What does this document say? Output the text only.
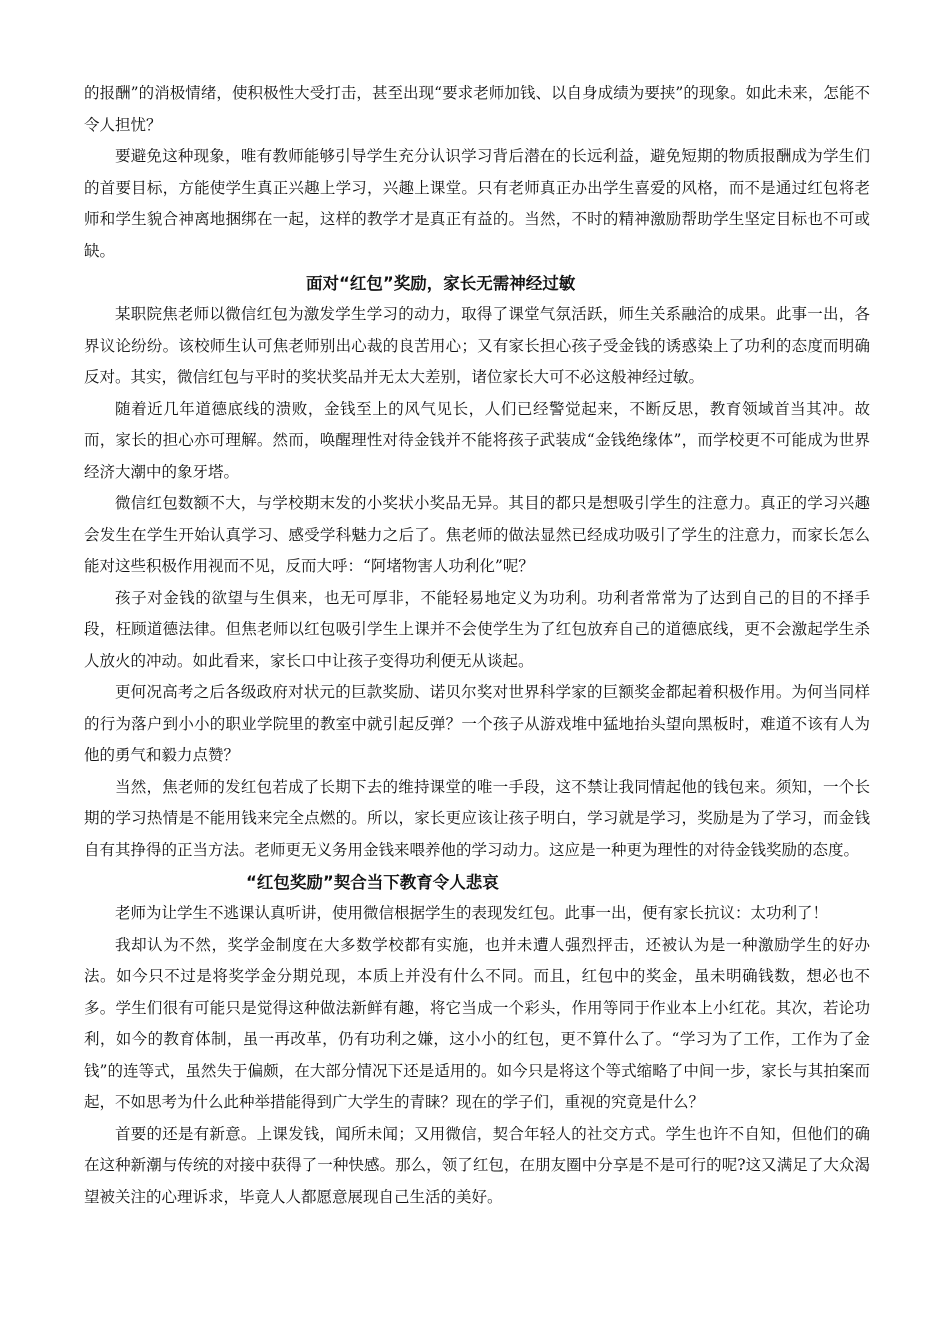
的报酬”的消极情绪，使积极性大受打击，甚至出现“要求老师加钱、以自身成绩为要挟”的现象。如此未来，怎能不令人担忧？

要避免这种现象，唯有教师能够引导学生充分认识学习背后潜在的长远利益，避免短期的物质报酬成为学生们的首要目标，方能使学生真正兴趣上学习，兴趣上课堂。只有老师真正办出学生喜爱的风格，而不是通过红包将老师和学生貌合神离地捆绑在一起，这样的教学才是真正有益的。当然，不时的精神激励帮助学生坚定目标也不可或缺。

面对“红包”奖励，家长无需神经过敏

某职院焦老师以微信红包为激发学生学习的动力，取得了课堂气氛活跃，师生关系融洽的成果。此事一出，各界议论纷纷。该校师生认可焦老师别出心裁的良苦用心；又有家长担心孩子受金钱的诱惑染上了功利的态度而明确反对。其实，微信红包与平时的奖状奖品并无太大差别，诸位家长大可不必这般神经过敏。

随着近几年道德底线的溃败，金钱至上的风气见长，人们已经警觉起来，不断反思，教育领域首当其冲。故而，家长的担心亦可理解。然而，唤醒理性对待金钱并不能将孩子武装成“金钱绝缘体”，而学校更不可能成为世界经济大潮中的象牙塔。

微信红包数额不大，与学校期末发的小奖状小奖品无异。其目的都只是想吸引学生的注意力。真正的学习兴趣会发生在学生开始认真学习、感受学科魅力之后了。焦老师的做法显然已经成功吸引了学生的注意力，而家长怎么能对这些积极作用视而不见，反而大呼：“阿堵物害人功利化”呢？

孩子对金钱的欲望与生俱来，也无可厚非，不能轻易地定义为功利。功利者常常为了达到自己的目的不择手段，枉顾道德法律。但焦老师以红包吸引学生上课并不会使学生为了红包放弃自己的道德底线，更不会激起学生杀人放火的冲动。如此看来，家长口中让孩子变得功利便无从谈起。

更何况高考之后各级政府对状元的巨款奖励、诺贝尔奖对世界科学家的巨额奖金都起着积极作用。为何当同样的行为落户到小小的职业学院里的教室中就引起反弹？一个孩子从游戏堆中猛地抬头望向黑板时，难道不该有人为他的勇气和毅力点赞？

当然，焦老师的发红包若成了长期下去的维持课堂的唯一手段，这不禁让我同情起他的钱包来。须知，一个长期的学习热情是不能用钱来完全点燃的。所以，家长更应该让孩子明白，学习就是学习，奖励是为了学习，而金钱自有其挣得的正当方法。老师更无义务用金钱来喂养他的学习动力。这应是一种更为理性的对待金钱奖励的态度。

“红包奖励”契合当下教育令人悲哀

老师为让学生不逃课认真听讲，使用微信根据学生的表现发红包。此事一出，便有家长抗议：太功利了！

我却认为不然，奖学金制度在大多数学校都有实施，也并未遭人强烈抨击，还被认为是一种激励学生的好办法。如今只不过是将奖学金分期兑现，本质上并没有什么不同。而且，红包中的奖金，虽未明确钱数，想必也不多。学生们很有可能只是觉得这种做法新鲜有趣，将它当成一个彩头，作用等同于作业本上小红花。其次，若论功利，如今的教育体制，虽一再改革，仍有功利之嫌，这小小的红包，更不算什么了。“学习为了工作，工作为了金钱”的连等式，虽然失于偏颇，在大部分情况下还是适用的。如今只是将这个等式缩略了中间一步，家长与其拍案而起，不如思考为什么此种举措能得到广大学生的青睐？现在的学子们，重视的究竟是什么？

首要的还是有新意。上课发钱，闻所未闻；又用微信，契合年轻人的社交方式。学生也许不自知，但他们的确在这种新潮与传统的对接中获得了一种快感。那么，领了红包，在朋友圈中分享是不是可行的呢?这又满足了大众渴望被关注的心理诉求，毕竟人人都愿意展现自己生活的美好。
